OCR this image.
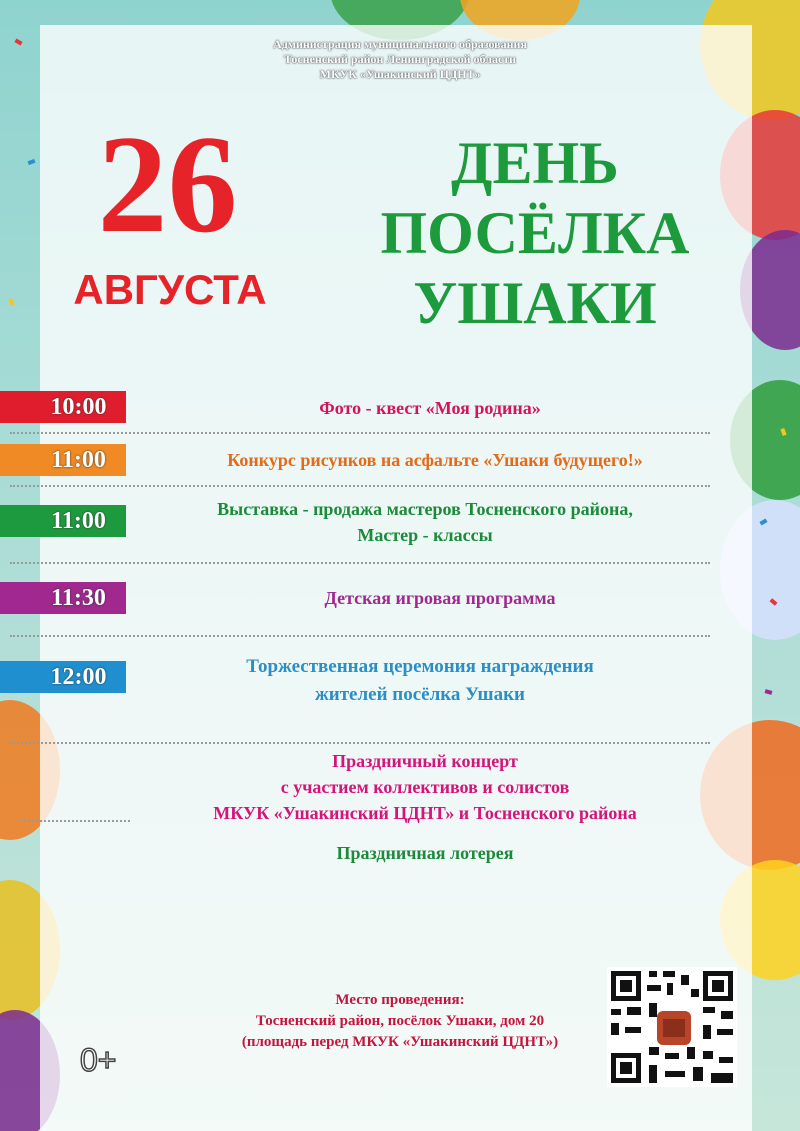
Администрация муниципального образования
Тосненский район Ленинградской области
МКУК «Ушакинский ЦДНТ»
26
АВГУСТА
ДЕНЬ
ПОСЁЛКА
УШАКИ
10:00	Фото - квест «Моя родина»
11:00	Конкурс рисунков на асфальте «Ушаки будущего!»
11:00	Выставка - продажа мастеров Тосненского района,
Мастер - классы
11:30	Детская игровая программа
12:00	Торжественная церемония награждения
жителей посёлка Ушаки
Праздничный концерт
с участием коллективов и солистов
МКУК «Ушакинский ЦДНТ» и Тосненского района
Праздничная лотерея
Место проведения:
Тосненский район, посёлок Ушаки, дом 20
(площадь перед МКУК «Ушакинский ЦДНТ»)
0+
